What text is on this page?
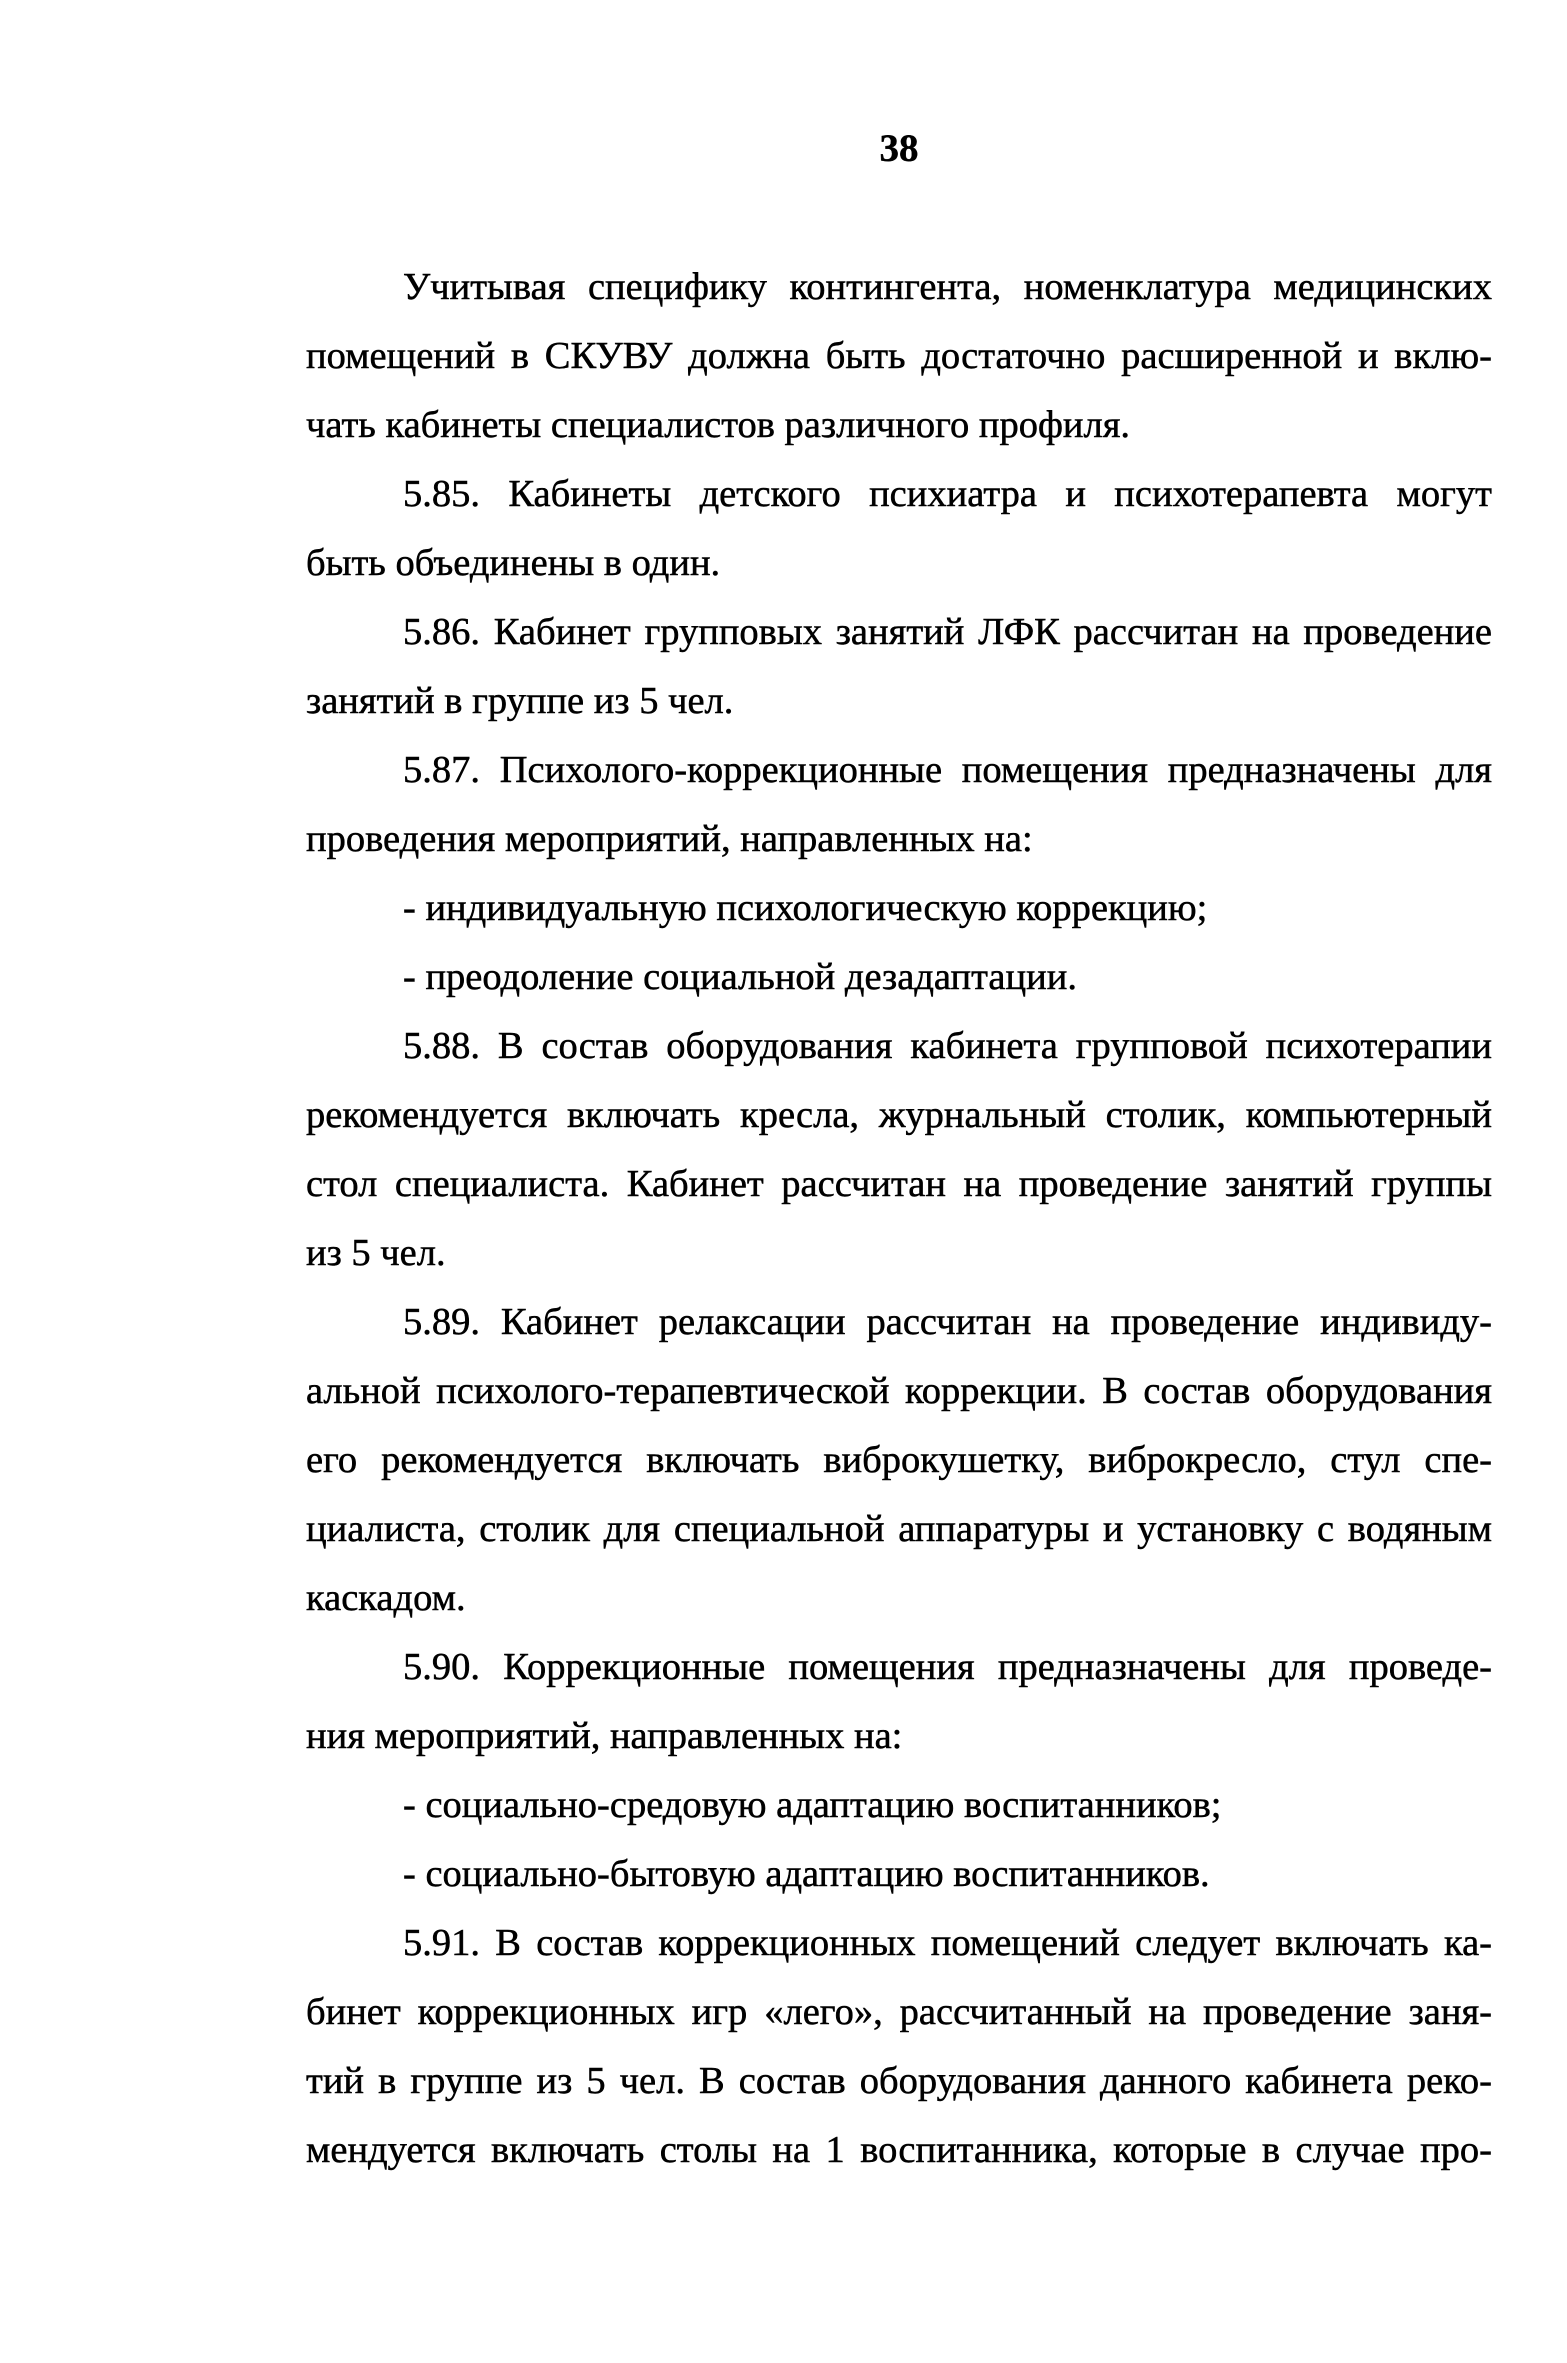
38
Учитывая специфику контингента, номенклатура медицинских
помещений в СКУВУ должна быть достаточно расширенной и вклю-
чать кабинеты специалистов различного профиля.
5.85. Кабинеты детского психиатра и психотерапевта могут
быть объединены в один.
5.86. Кабинет групповых занятий ЛФК рассчитан на проведение
занятий в группе из 5 чел.
5.87. Психолого-коррекционные помещения предназначены для
проведения мероприятий, направленных на:
- индивидуальную психологическую коррекцию;
- преодоление социальной дезадаптации.
5.88. В состав оборудования кабинета групповой психотерапии
рекомендуется включать кресла, журнальный столик, компьютерный
стол специалиста. Кабинет рассчитан на проведение занятий группы
из 5 чел.
5.89. Кабинет релаксации рассчитан на проведение индивиду-
альной психолого-терапевтической коррекции. В состав оборудования
его рекомендуется включать виброкушетку, виброкресло, стул спе-
циалиста, столик для специальной аппаратуры и установку с водяным
каскадом.
5.90. Коррекционные помещения предназначены для проведе-
ния мероприятий, направленных на:
- социально-средовую адаптацию воспитанников;
- социально-бытовую адаптацию воспитанников.
5.91. В состав коррекционных помещений следует включать ка-
бинет коррекционных игр «лего», рассчитанный на проведение заня-
тий в группе из 5 чел. В состав оборудования данного кабинета реко-
мендуется включать столы на 1 воспитанника, которые в случае про-
